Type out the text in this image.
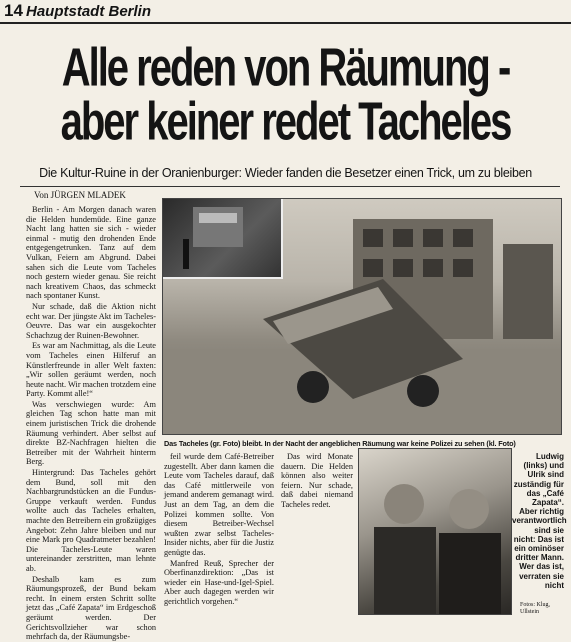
14 Hauptstadt Berlin
Alle reden von Räumung -
aber keiner redet Tacheles
Die Kultur-Ruine in der Oranienburger: Wieder fanden die Besetzer einen Trick, um zu bleiben
Von JÜRGEN MLADEK

Berlin - Am Morgen danach waren die Helden hundemüde. Eine ganze Nacht lang hatten sie sich - wieder einmal - mutig den drohenden Ende entgegengetrunken. Tanz auf dem Vulkan, Feiern am Abgrund. Dabei sahen sich die Leute vom Tacheles noch gestern wieder genau. Sie reicht nach kreativem Chaos, das schmeckt nach spontaner Kunst.

Nur schade, daß die Aktion nicht echt war. Der jüngste Akt im Tacheles-Oeuvre. Das war ein ausgekochter Schachzug der Ruinen-Bewohner.

Es war am Nachmittag, als die Leute vom Tacheles einen Hilferuf an Künstlerfreunde in aller Welt faxten: „Wir sollen geräumt werden, noch heute nacht. Wir machen trotzdem eine Party. Kommt alle!“

Was verschwiegen wurde: Am gleichen Tag schon hatte man mit einem juristischen Trick die drohende Räumung verhindert. Aber selbst auf direkte BZ-Nachfragen hielten die Betreiber mit der Wahrheit hinterm Berg.

Hintergrund: Das Tacheles gehört dem Bund, soll mit den Nachbargrundstücken an die Fundus-Gruppe verkauft werden. Fundus wollte auch das Tacheles erhalten, machte den Betreibern ein großzügiges Angebot: Zehn Jahre bleiben und nur eine Mark pro Quadratmeter bezahlen! Die Tacheles-Leute waren untereinander zerstritten, man lehnte ab.

Deshalb kam es zum Räumungsprozeß, der Bund bekam recht. In einem ersten Schritt sollte jetzt das „Café Zapata“ im Erdgeschoß geräumt werden. Der Gerichtsvollzieher war schon mehrfach da, der Räumungsbe-

Das Tacheles (gr. Foto) bleibt. In der Nacht der angeblichen Räumung war keine Polizei zu sehen (kl. Foto)

feil wurde dem Café-Betreiber zugestellt. Aber dann kamen die Leute vom Tacheles darauf, daß das Café mittlerweile von jemand anderem gemanagt wird. Just an dem Tag, an dem die Polizei kommen sollte. Von diesem Betreiber-Wechsel wußten zwar selbst Tacheles-Insider nichts, aber für die Justiz genügte das.

Manfred Reuß, Sprecher der Oberfinanzdirektion: „Das ist wieder ein Hase-und-Igel-Spiel. Aber auch dagegen werden wir gerichtlich vorgehen.“

Das wird Monate dauern. Die Helden können also weiter feiern. Nur schade, daß dabei niemand Tacheles redet.

Ludwig (links) und Ulrik sind zuständig für das „Café Zapata“. Aber richtig verantwortlich sind sie nicht: Das ist ein ominöser dritter Mann. Wer das ist, verraten sie nicht
Fotos: Klug, Ullstein
